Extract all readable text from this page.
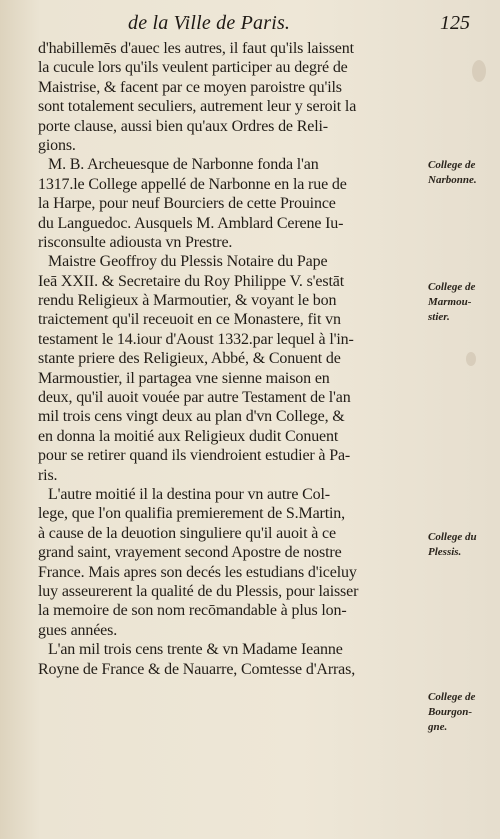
de la Ville de Paris.	125
d'habillemēs d'auec les autres, il faut qu'ils laissent
la cucule lors qu'ils veulent participer au degré de
Maistrise, & facent par ce moyen paroistre qu'ils
sont totalement seculiers, autrement leur y seroit la
porte clause, aussi bien qu'aux Ordres de Reli-
gions.
M. B. Archeuesque de Narbonne fonda l'an
1317.le College appellé de Narbonne en la rue de
la Harpe, pour neuf Bourciers de cette Prouince
du Languedoc. Ausquels M. Amblard Cerene Iu-
risconsulte adiousta vn Prestre.
Maistre Geoffroy du Plessis Notaire du Pape
Ieā XXII. & Secretaire du Roy Philippe V. s'estāt
rendu Religieux à Marmoutier, & voyant le bon
traictement qu'il receuoit en ce Monastere, fit vn
testament le 14.iour d'Aoust 1332.par lequel à l'in-
stante priere des Religieux, Abbé, & Conuent de
Marmoustier, il partagea vne sienne maison en
deux, qu'il auoit vouée par autre Testament de l'an
mil trois cens vingt deux au plan d'vn College, &
en donna la moitié aux Religieux dudit Conuent
pour se retirer quand ils viendroient estudier à Pa-
ris.
L'autre moitié il la destina pour vn autre Col-
lege, que l'on qualifia premierement de S.Martin,
à cause de la deuotion singuliere qu'il auoit à ce
grand saint, vrayement second Apostre de nostre
France. Mais apres son decés les estudians d'iceluy
luy asseurerent la qualité de du Plessis, pour laisser
la memoire de son nom recōmandable à plus lon-
gues années.
L'an mil trois cens trente & vn Madame Ieanne
Royne de France & de Nauarre, Comtesse d'Arras,
College de
Narbonne.
College de
Marmou-
stier.
College du
Plessis.
College de
Bourgon-
gne.
